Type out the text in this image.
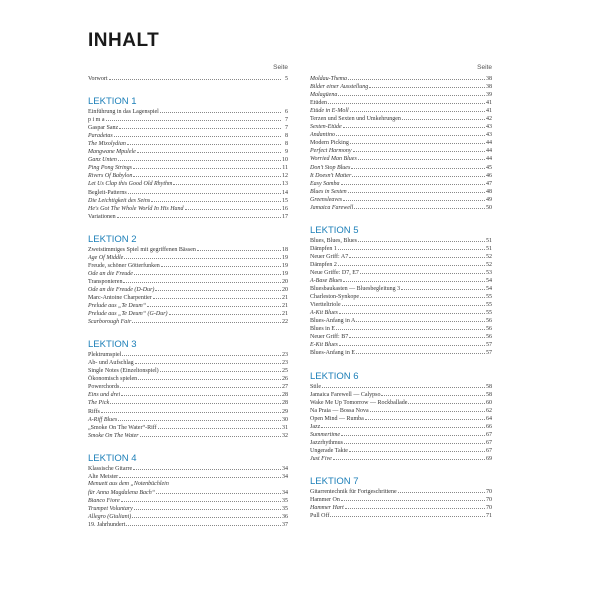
INHALT
Seite
Vorwort	5
LEKTION 1
Einführung in das Lagenspiel	6
p i m a	7
Gaspar Sanz	7
Paradetas	8
The Mixolydian	8
Mangwane Mpulele	9
Ganz Unten	10
Ping Pong Strings	11
Rivers Of Babylon	12
Let Us Clap this Good Old Rhythm	13
Begleit-Patterns	14
Die Leichtigkeit des Seins	15
He's Got The Whole World In His Hand	16
Variationen	17
LEKTION 2
Zweistimmiges Spiel mit gegriffenen Bässen	18
Age Of Middle	19
Freude, schöner Götterfunken	19
Ode an die Freude	19
Transponieren	20
Ode an die Freude (D-Dur)	20
Marc-Antoine Charpentier	21
Prelude aus „Te Deum“	21
Prelude aus „Te Deum“ (G-Dur)	21
Scarborough Fair	22
LEKTION 3
Plektrumspiel	23
Ab- und Aufschlag	23
Single Notes (Einzeltonspiel)	25
Ökonomisch spielen	26
Powerchords	27
Eins und drei	28
The Pick	28
Riffs	29
A-Riff Blues	30
„Smoke On The Water“-Riff	31
Smoke On The Water	32
LEKTION 4
Klassische Gitarre	34
Alte Meister	34
Menuett aus dem „Notenbüchlein
für Anna Magdalena Bach“	34
Bianco Fiore	35
Trumpet Voluntary	35
Allegro (Giuliani)	36
19. Jahrhundert	37
Seite
Moldau-Thema	38
Bilder einer Ausstellung	38
Malagüena	39
Etüden	41
Etüde in E-Moll	41
Terzen und Sexten und Umkehrungen	42
Sexten-Etüde	43
Andantino	43
Modern Picking	44
Perfect Harmony	44
Worried Man Blues	44
Don't Stop Blues	45
It Doesn't Matter	46
Easy Samba	47
Blues in Sexten	48
Greensleaves	49
Jamaica Farewell	50
LEKTION 5
Blues, Blues, Blues	51
Dämpfen 1	51
Neuer Griff: A7	52
Dämpfen 2	52
Neue Griffe: D7, E7	53
A-Base Blues	54
Bluesbaukasten — Bluesbegleitung 3	54
Charleston-Synkope	55
Viertteltriole	55
A-Kit Blues	55
Blues-Anfang in A	56
Blues in E	56
Neuer Griff: B7	56
E-Kit Blues	57
Blues-Anfang in E	57
LEKTION 6
Stile	58
Jamaica Farewell — Calypso	58
Wake Me Up Tomorrow — Rockballade	60
Na Praia — Bossa Nova	62
Open Mind — Rumba	64
Jazz	66
Summertime	67
Jazzrhythmus	67
Ungerade Takte	67
Just Five	69
LEKTION 7
Gitarrentechnik für Fortgeschrittene	70
Hammer On	70
Hammer Hart	70
Pull Off	71
